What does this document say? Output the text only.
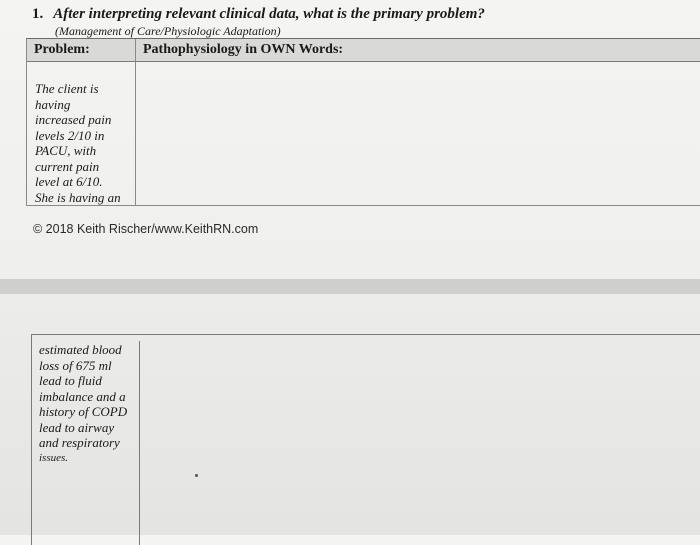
1. After interpreting relevant clinical data, what is the primary problem?
(Management of Care/Physiologic Adaptation)
Problem:	Pathophysiology in OWN Words:
The client is
having
increased pain
levels 2/10 in
PACU, with
current pain
level at 6/10.
She is having an
© 2018 Keith Rischer/www.KeithRN.com
estimated blood
loss of 675 ml
lead to fluid
imbalance and a
history of COPD
lead to airway
and respiratory
issues.
